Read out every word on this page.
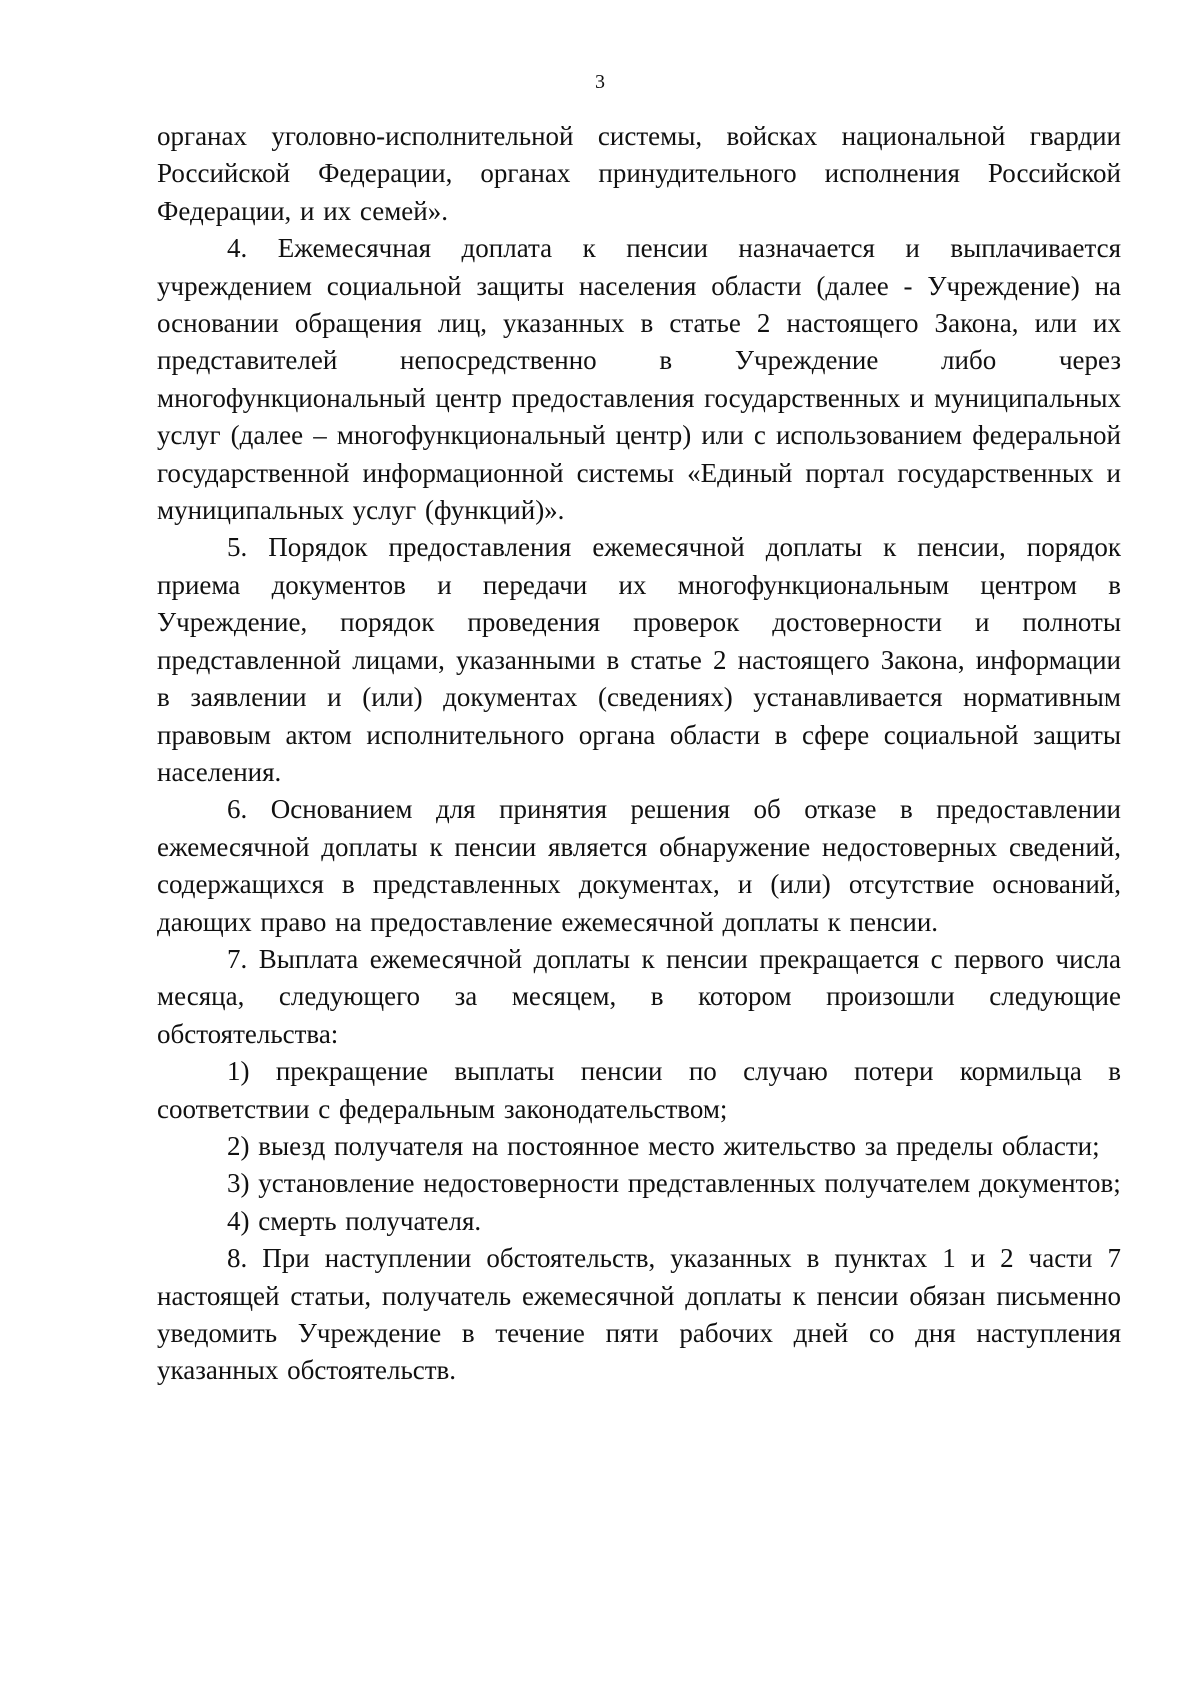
3

органах уголовно-исполнительной системы, войсках национальной гвардии Российской Федерации, органах принудительного исполнения Российской Федерации, и их семей».

4. Ежемесячная доплата к пенсии назначается и выплачивается учреждением социальной защиты населения области (далее - Учреждение) на основании обращения лиц, указанных в статье 2 настоящего Закона, или их представителей непосредственно в Учреждение либо через многофункциональный центр предоставления государственных и муниципальных услуг (далее – многофункциональный центр) или с использованием федеральной государственной информационной системы «Единый портал государственных и муниципальных услуг (функций)».

5. Порядок предоставления ежемесячной доплаты к пенсии, порядок приема документов и передачи их многофункциональным центром в Учреждение, порядок проведения проверок достоверности и полноты представленной лицами, указанными в статье 2 настоящего Закона, информации в заявлении и (или) документах (сведениях) устанавливается нормативным правовым актом исполнительного органа области в сфере социальной защиты населения.

6. Основанием для принятия решения об отказе в предоставлении ежемесячной доплаты к пенсии является обнаружение недостоверных сведений, содержащихся в представленных документах, и (или) отсутствие оснований, дающих право на предоставление ежемесячной доплаты к пенсии.

7. Выплата ежемесячной доплаты к пенсии прекращается с первого числа месяца, следующего за месяцем, в котором произошли следующие обстоятельства:

1) прекращение выплаты пенсии по случаю потери кормильца в соответствии с федеральным законодательством;

2) выезд получателя на постоянное место жительство за пределы области;

3) установление недостоверности представленных получателем документов;

4) смерть получателя.

8. При наступлении обстоятельств, указанных в пунктах 1 и 2 части 7 настоящей статьи, получатель ежемесячной доплаты к пенсии обязан письменно уведомить Учреждение в течение пяти рабочих дней со дня наступления указанных обстоятельств.
